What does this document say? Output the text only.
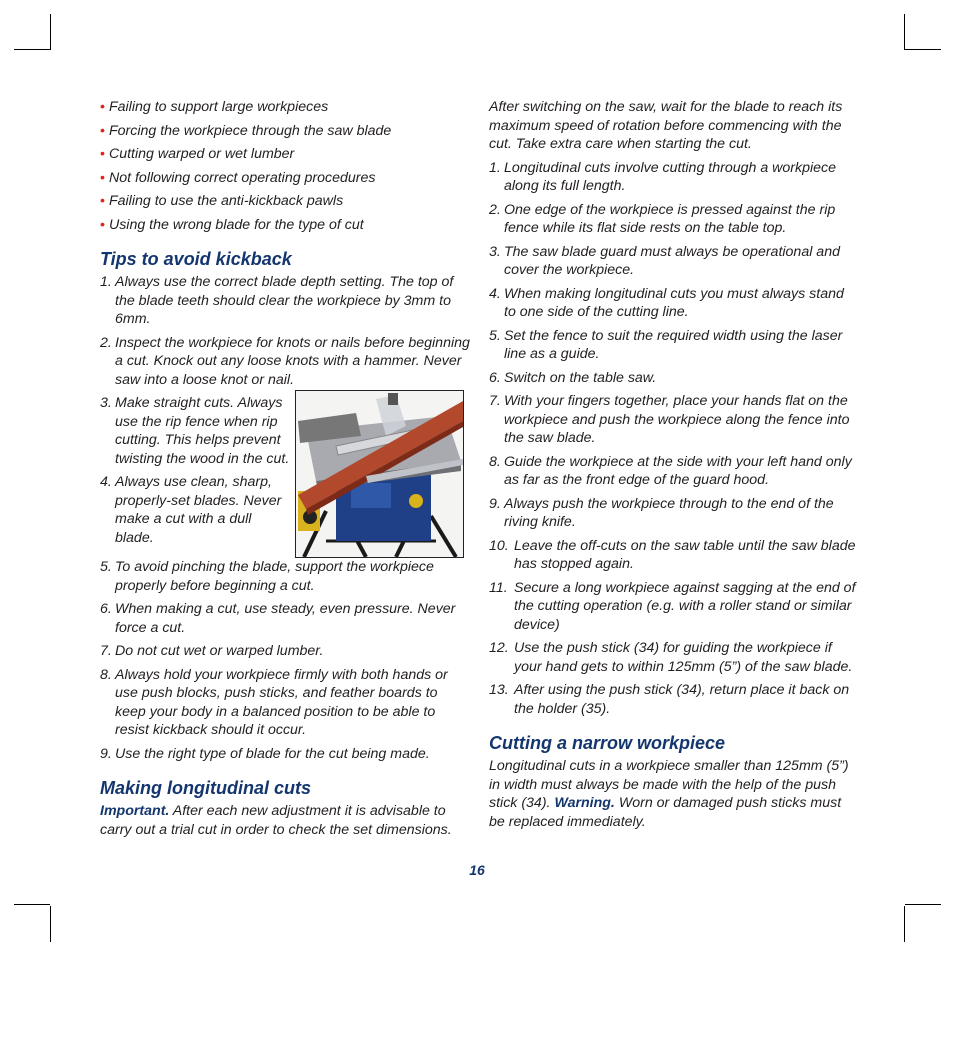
• Failing to support large workpieces
• Forcing the workpiece through the saw blade
• Cutting warped or wet lumber
• Not following correct operating procedures
• Failing to use the anti-kickback pawls
• Using the wrong blade for the type of cut
Tips to avoid kickback
1. Always use the correct blade depth setting. The top of the blade teeth should clear the workpiece by 3mm to 6mm.
2. Inspect the workpiece for knots or nails before beginning a cut. Knock out any loose knots with a hammer. Never saw into a loose knot or nail.
3. Make straight cuts. Always use the rip fence when rip cutting. This helps prevent twisting the wood in the cut.
4. Always use clean, sharp, properly-set blades. Never make a cut with a dull blade.
5. To avoid pinching the blade, support the workpiece properly before beginning a cut.
6. When making a cut, use steady, even pressure. Never force a cut.
7. Do not cut wet or warped lumber.
8. Always hold your workpiece firmly with both hands or use push blocks, push sticks, and feather boards to keep your body in a balanced position to be able to resist kickback should it occur.
9. Use the right type of blade for the cut being made.
Making longitudinal cuts

Important. After each new adjustment it is advisable to carry out a trial cut in order to check the set dimensions.

After switching on the saw, wait for the blade to reach its maximum speed of rotation before commencing with the cut. Take extra care when starting the cut.

1. Longitudinal cuts involve cutting through a workpiece along its full length.
2. One edge of the workpiece is pressed against the rip fence while its flat side rests on the table top.
3. The saw blade guard must always be operational and cover the workpiece.
4. When making longitudinal cuts you must always stand to one side of the cutting line.
5. Set the fence to suit the required width using the laser line as a guide.
6. Switch on the table saw.
7. With your fingers together, place your hands flat on the workpiece and push the workpiece along the fence into the saw blade.
8. Guide the workpiece at the side with your left hand only as far as the front edge of the guard hood.
9. Always push the workpiece through to the end of the riving knife.
10. Leave the off-cuts on the saw table until the saw blade has stopped again.
11. Secure a long workpiece against sagging at the end of the cutting operation (e.g. with a roller stand or similar device)
12. Use the push stick (34) for guiding the workpiece if your hand gets to within 125mm (5”) of the saw blade.
13. After using the push stick (34), return place it back on the holder (35).
Cutting a narrow workpiece

Longitudinal cuts in a workpiece smaller than 125mm (5”) in width must always be made with the help of the push stick (34). Warning. Worn or damaged push sticks must be replaced immediately.

16
